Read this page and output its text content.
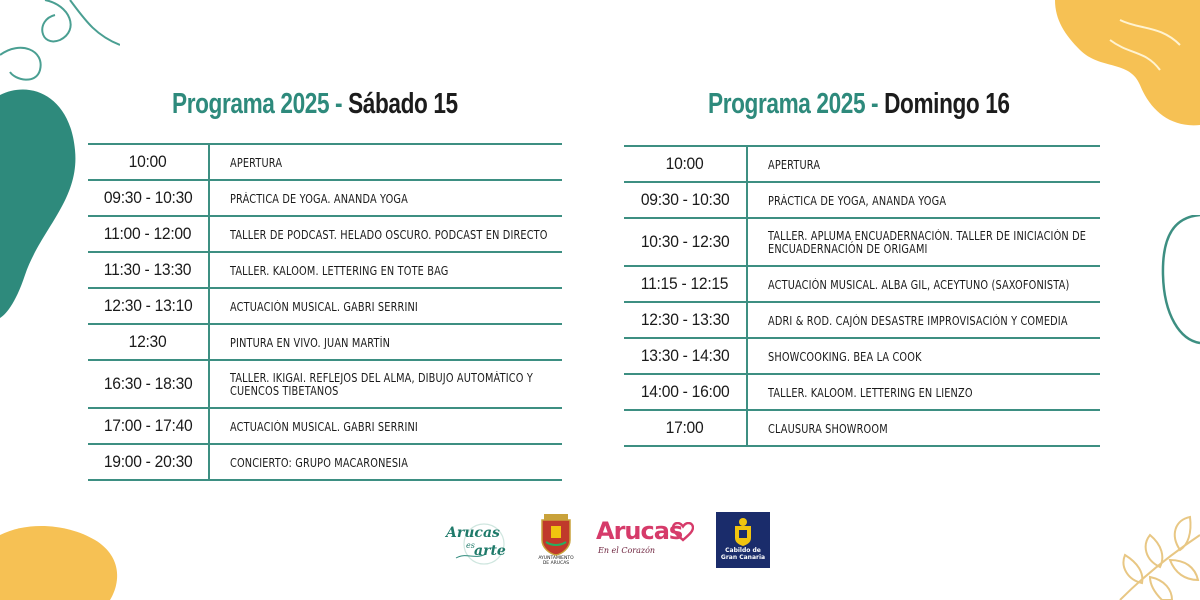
Programa 2025 - Sábado 15
10:00	APERTURA
09:30 - 10:30	PRÁCTICA DE YOGA. ANANDA YOGA
11:00 - 12:00	TALLER DE PODCAST. HELADO OSCURO. PODCAST EN DIRECTO
11:30 - 13:30	TALLER. KALOOM. LETTERING EN TOTE BAG
12:30 - 13:10	ACTUACIÓN MUSICAL. GABRI SERRINI
12:30	PINTURA EN VIVO. JUAN MARTÍN
16:30 - 18:30	TALLER. IKIGAI. REFLEJOS DEL ALMA, DIBUJO AUTOMÁTICO Y CUENCOS TIBETANOS
17:00 - 17:40	ACTUACIÓN MUSICAL. GABRI SERRINI
19:00 - 20:30	CONCIERTO: GRUPO MACARONESIA
Programa 2025 - Domingo 16
10:00	APERTURA
09:30 - 10:30	PRÁCTICA DE YOGA, ANANDA YOGA
10:30 - 12:30	TALLER. APLUMA ENCUADERNACIÓN. TALLER DE INICIACIÓN DE ENCUADERNACIÓN DE ORIGAMI
11:15 - 12:15	ACTUACIÓN MUSICAL. ALBA GIL, ACEYTUNO (SAXOFONISTA)
12:30 - 13:30	ADRI & ROD. CAJÓN DESASTRE IMPROVISACIÓN Y COMEDIA
13:30 - 14:30	SHOWCOOKING. BEA LA COOK
14:00 - 16:00	TALLER. KALOOM. LETTERING EN LIENZO
17:00	CLAUSURA SHOWROOM
Arucas
es arte	AYUNTAMIENTO
DE ARUCAS
Arucas
En el Corazón	Cabildo de
Gran Canaria
